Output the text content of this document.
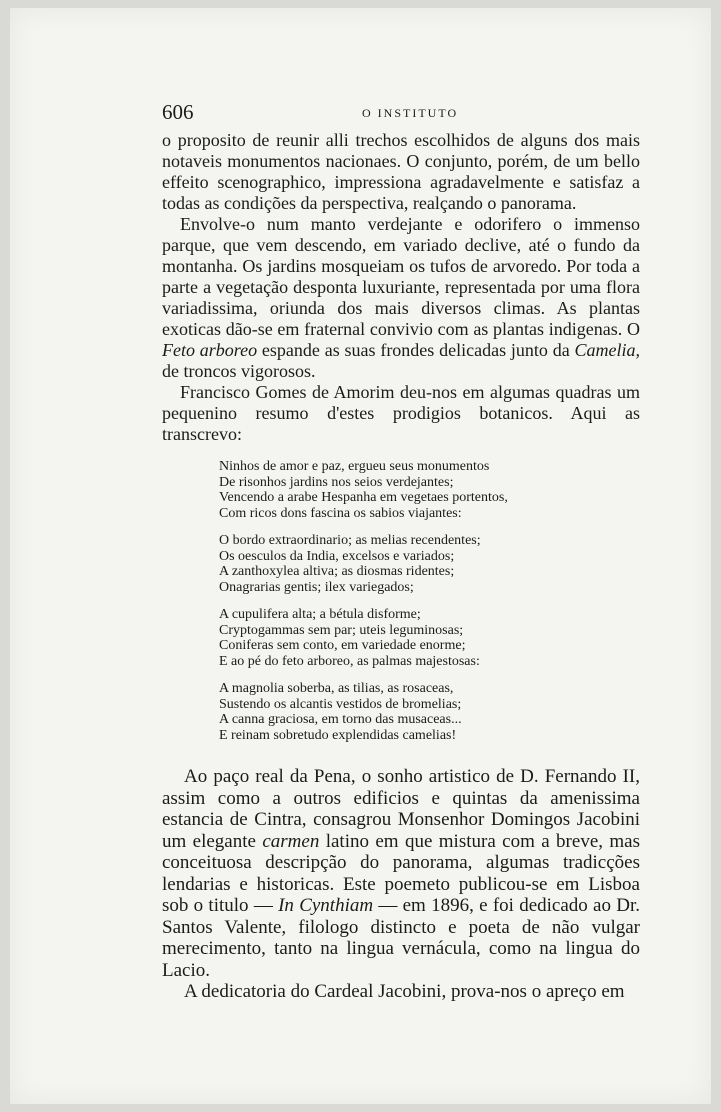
606	O INSTITUTO

o proposito de reunir alli trechos escolhidos de alguns dos mais notaveis monumentos nacionaes. O conjunto, porém, de um bello effeito scenographico, impressiona agradavelmente e satisfaz a todas as condições da perspectiva, realçando o panorama.

Envolve-o num manto verdejante e odorifero o immenso parque, que vem descendo, em variado declive, até o fundo da montanha. Os jardins mosqueiam os tufos de arvoredo. Por toda a parte a vegetação desponta luxuriante, representada por uma flora variadissima, oriunda dos mais diversos climas. As plantas exoticas dão-se em fraternal convivio com as plantas indigenas. O Feto arboreo espande as suas frondes delicadas junto da Camelia, de troncos vigorosos.

Francisco Gomes de Amorim deu-nos em algumas quadras um pequenino resumo d'estes prodigios botanicos. Aqui as transcrevo:

Ninhos de amor e paz, ergueu seus monumentos
De risonhos jardins nos seios verdejantes;
Vencendo a arabe Hespanha em vegetaes portentos,
Com ricos dons fascina os sabios viajantes:
O bordo extraordinario; as melias recendentes;
Os oesculos da India, excelsos e variados;
A zanthoxylea altiva; as diosmas ridentes;
Onagrarias gentis; ilex variegados;
A cupulifera alta; a bétula disforme;
Cryptogammas sem par; uteis leguminosas;
Coniferas sem conto, em variedade enorme;
E ao pé do feto arboreo, as palmas majestosas:
A magnolia soberba, as tilias, as rosaceas,
Sustendo os alcantis vestidos de bromelias;
A canna graciosa, em torno das musaceas...
E reinam sobretudo explendidas camelias!

Ao paço real da Pena, o sonho artistico de D. Fernando II, assim como a outros edificios e quintas da amenissima estancia de Cintra, consagrou Monsenhor Domingos Jacobini um elegante carmen latino em que mistura com a breve, mas conceituosa descripção do panorama, algumas tradicções lendarias e historicas. Este poemeto publicou-se em Lisboa sob o titulo — In Cynthiam — em 1896, e foi dedicado ao Dr. Santos Valente, filologo distincto e poeta de não vulgar merecimento, tanto na lingua vernácula, como na lingua do Lacio.

A dedicatoria do Cardeal Jacobini, prova-nos o apreço em
